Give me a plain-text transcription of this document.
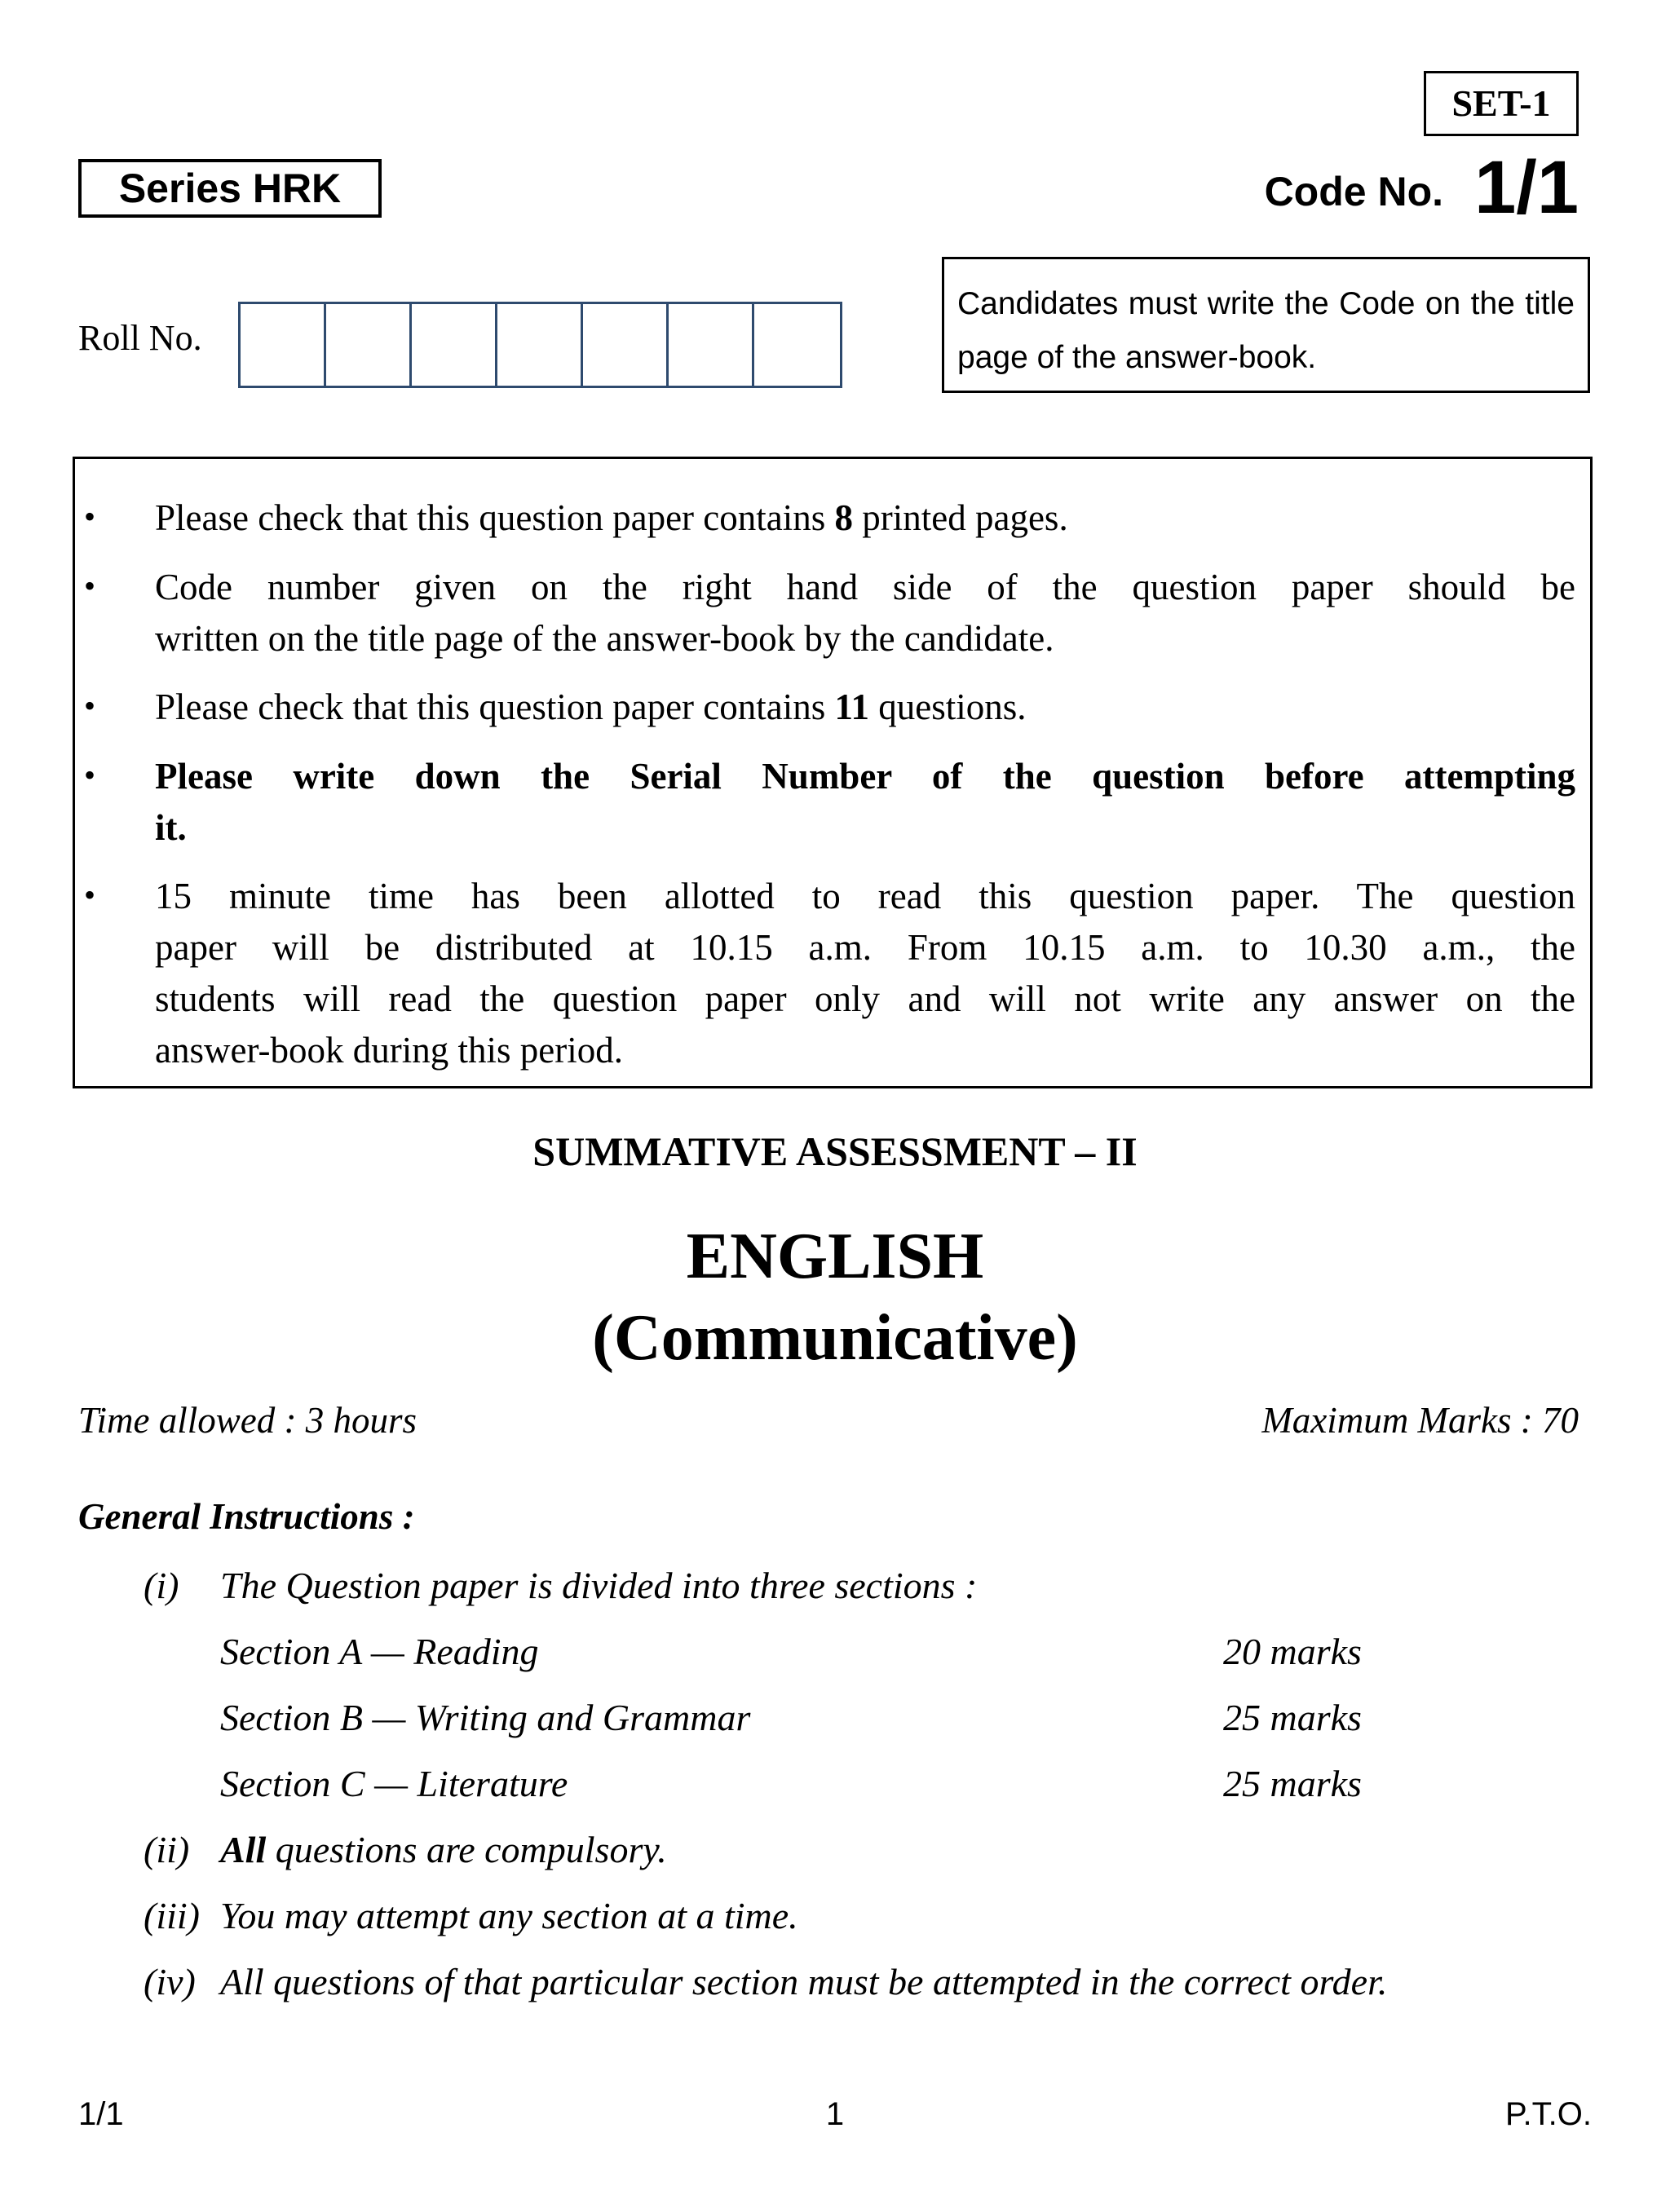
SET-1
Series HRK	Code No. 1/1
Roll No.
Candidates must write the Code on the title page of the answer-book.
• Please check that this question paper contains 8 printed pages.
• Code number given on the right hand side of the question paper should be
written on the title page of the answer-book by the candidate.
• Please check that this question paper contains 11 questions.
• Please write down the Serial Number of the question before attempting
it.
• 15 minute time has been allotted to read this question paper. The question
paper will be distributed at 10.15 a.m. From 10.15 a.m. to 10.30 a.m., the
students will read the question paper only and will not write any answer on the
answer-book during this period.
SUMMATIVE ASSESSMENT – II
ENGLISH
(Communicative)
Time allowed : 3 hours	Maximum Marks : 70
General Instructions :
(i) The Question paper is divided into three sections :
Section A — Reading	20 marks
Section B — Writing and Grammar	25 marks
Section C — Literature	25 marks
(ii) All questions are compulsory.
(iii) You may attempt any section at a time.
(iv) All questions of that particular section must be attempted in the correct order.
1/1	1	P.T.O.
